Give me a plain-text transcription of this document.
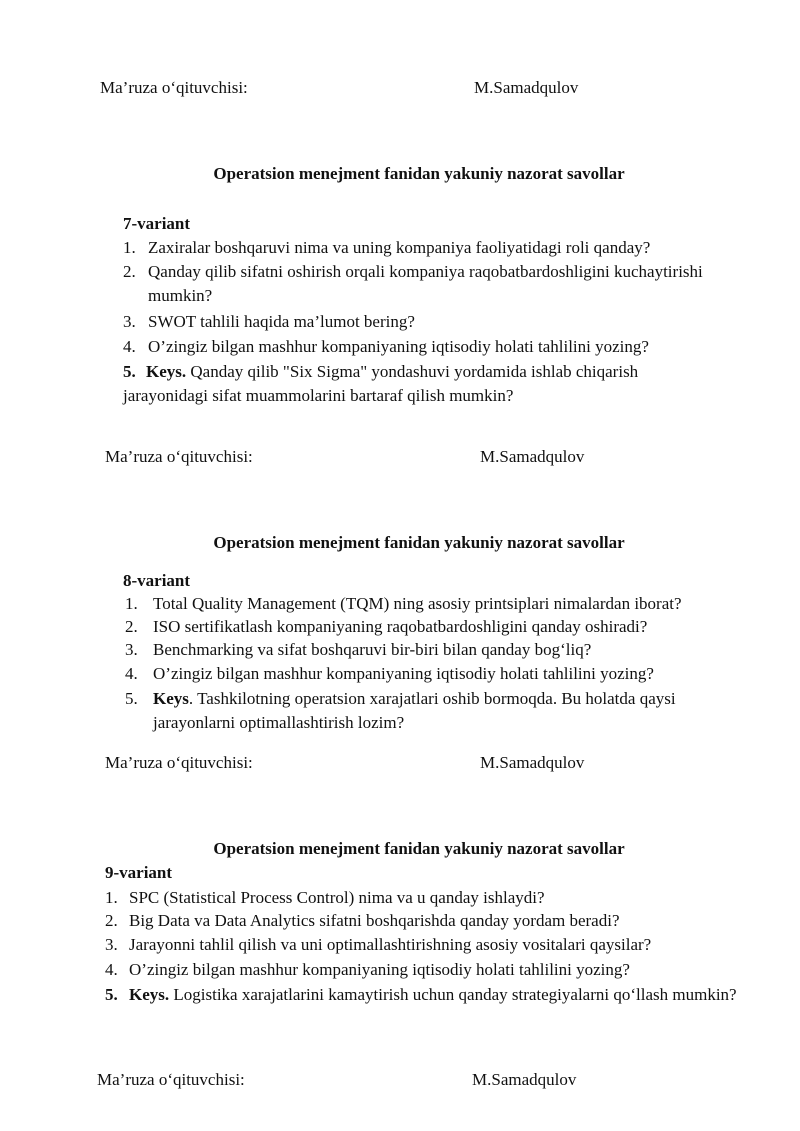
Ma’ruza o‘qituvchisi:	M.Samadqulov
Operatsion menejment fanidan yakuniy nazorat savollar
7-variant
1. Zaxiralar boshqaruvi nima va uning kompaniya faoliyatidagi roli qanday?
2. Qanday qilib sifatni oshirish orqali kompaniya raqobatbardoshligini kuchaytirishi mumkin?
3. SWOT tahlili haqida ma’lumot bering?
4. O’zingiz bilgan mashhur kompaniyaning iqtisodiy holati tahlilini yozing?
5. Keys. Qanday qilib "Six Sigma" yondashuvi yordamida ishlab chiqarish jarayonidagi sifat muammolarini bartaraf qilish mumkin?
Ma’ruza o‘qituvchisi:	M.Samadqulov
Operatsion menejment fanidan yakuniy nazorat savollar
8-variant
1. Total Quality Management (TQM) ning asosiy printsiplari nimalardan iborat?
2. ISO sertifikatlash kompaniyaning raqobatbardoshligini qanday oshiradi?
3. Benchmarking va sifat boshqaruvi bir-biri bilan qanday bog‘liq?
4. O’zingiz bilgan mashhur kompaniyaning iqtisodiy holati tahlilini yozing?
5. Keys. Tashkilotning operatsion xarajatlari oshib bormoqda. Bu holatda qaysi jarayonlarni optimallashtirish lozim?
Ma’ruza o‘qituvchisi:	M.Samadqulov
Operatsion menejment fanidan yakuniy nazorat savollar
9-variant
1. SPC (Statistical Process Control) nima va u qanday ishlaydi?
2. Big Data va Data Analytics sifatni boshqarishda qanday yordam beradi?
3. Jarayonni tahlil qilish va uni optimallashtirishning asosiy vositalari qaysilar?
4. O’zingiz bilgan mashhur kompaniyaning iqtisodiy holati tahlilini yozing?
5. Keys. Logistika xarajatlarini kamaytirish uchun qanday strategiyalarni qo‘llash mumkin?
Ma’ruza o‘qituvchisi:	M.Samadqulov
